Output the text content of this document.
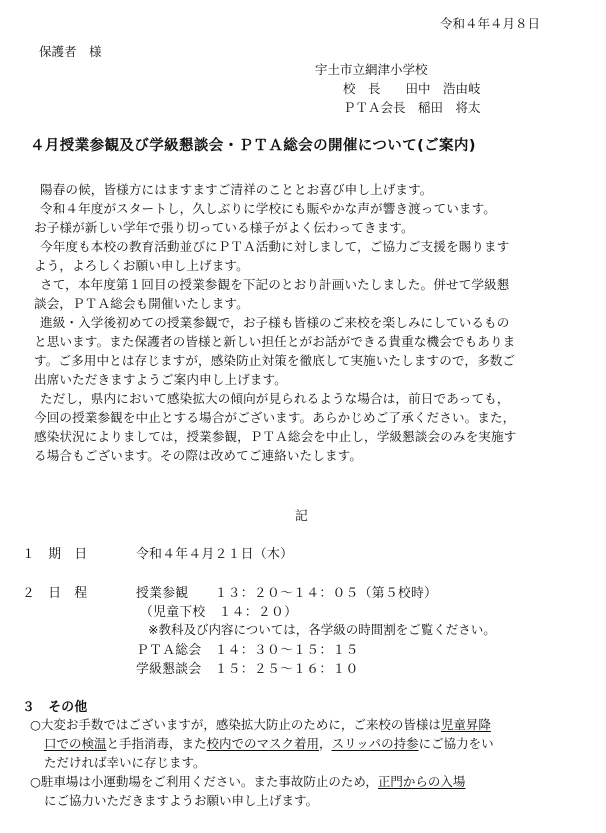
令和４年４月８日
保護者　様
宇土市立網津小学校
校　長　　田中　浩由岐
ＰＴＡ会長　稲田　将太
４月授業参観及び学級懇談会・ＰＴＡ総会の開催について(ご案内)
陽春の候，皆様方にはますますご清祥のこととお喜び申し上げます。
令和４年度がスタートし，久しぶりに学校にも賑やかな声が響き渡っています。
お子様が新しい学年で張り切っている様子がよく伝わってきます。
今年度も本校の教育活動並びにＰＴＡ活動に対しまして，ご協力ご支援を賜ります
よう，よろしくお願い申し上げます。
さて，本年度第１回目の授業参観を下記のとおり計画いたしました。併せて学級懇
談会，ＰＴＡ総会も開催いたします。
進級・入学後初めての授業参観で，お子様も皆様のご来校を楽しみにしているもの
と思います。また保護者の皆様と新しい担任とがお話ができる貴重な機会でもありま
す。ご多用中とは存じますが，感染防止対策を徹底して実施いたしますので，多数ご
出席いただきますようご案内申し上げます。
ただし，県内において感染拡大の傾向が見られるような場合は，前日であっても，
今回の授業参観を中止とする場合がございます。あらかじめご了承ください。また，
感染状況によりましては，授業参観，ＰＴＡ総会を中止し，学級懇談会のみを実施す
る場合もございます。その際は改めてご連絡いたします。
記
１　期　日	令和４年４月２１日（木）
２　日　程	授業参観　　１３：２０～１４：０５（第５校時）
（児童下校　１４：２０）
※教科及び内容については，各学級の時間割をご覧ください。
ＰＴＡ総会　１４：３０～１５：１５
学級懇談会　１５：２５～１６：１０
３　その他
○大変お手数ではございますが，感染拡大防止のために，ご来校の皆様は児童昇降
口での検温と手指消毒，また校内でのマスク着用，スリッパの持参にご協力をい
ただければ幸いに存じます。
○駐車場は小運動場をご利用ください。また事故防止のため，正門からの入場
にご協力いただきますようお願い申し上げます。
